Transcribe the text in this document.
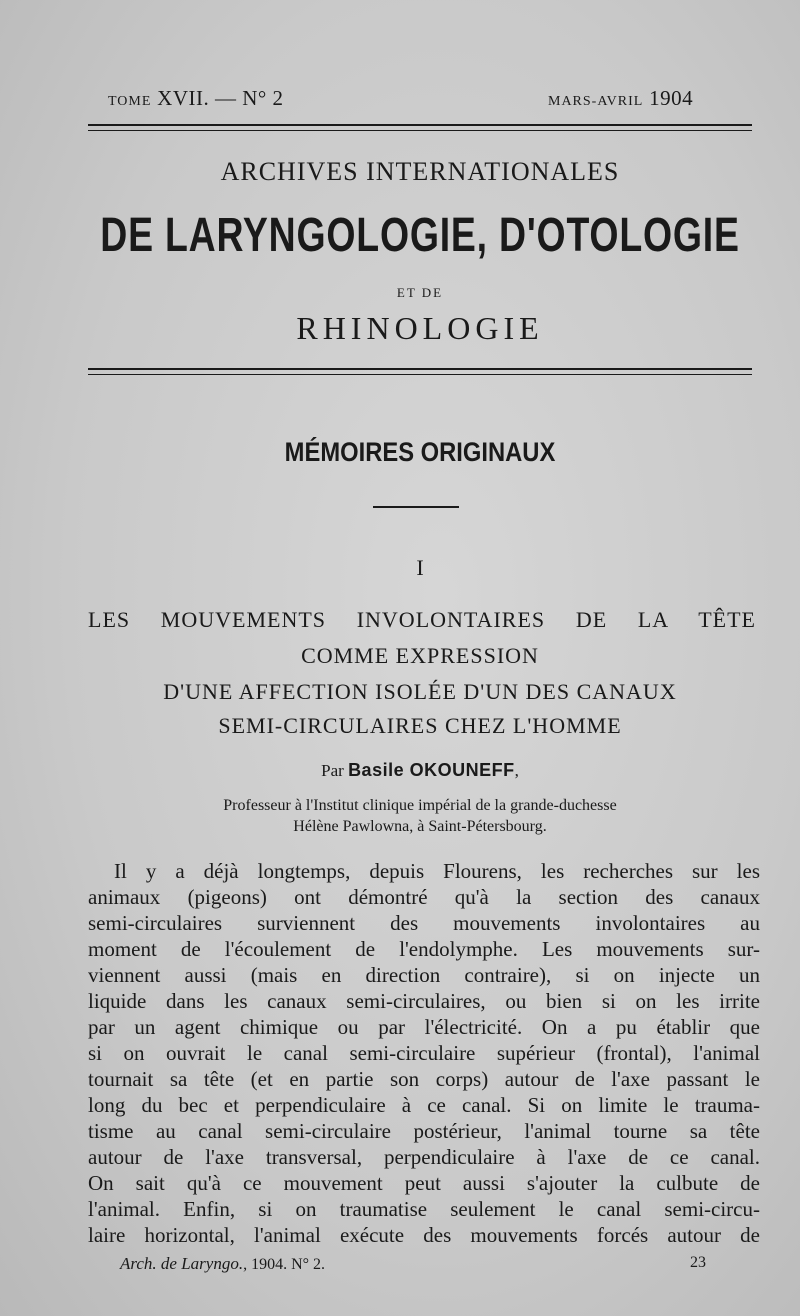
TOME XVII. — N° 2	MARS-AVRIL 1904
ARCHIVES INTERNATIONALES
DE LARYNGOLOGIE, D'OTOLOGIE
ET DE
RHINOLOGIE
MÉMOIRES ORIGINAUX
I
LES MOUVEMENTS INVOLONTAIRES DE LA TÊTE
COMME EXPRESSION
D'UNE AFFECTION ISOLÉE D'UN DES CANAUX
SEMI-CIRCULAIRES CHEZ L'HOMME
Par Basile OKOUNEFF,
Professeur à l'Institut clinique impérial de la grande-duchesse
Hélène Pawlowna, à Saint-Pétersbourg.
Il y a déjà longtemps, depuis Flourens, les recherches sur les
animaux (pigeons) ont démontré qu'à la section des canaux
semi-circulaires surviennent des mouvements involontaires au
moment de l'écoulement de l'endolymphe. Les mouvements sur-
viennent aussi (mais en direction contraire), si on injecte un
liquide dans les canaux semi-circulaires, ou bien si on les irrite
par un agent chimique ou par l'électricité. On a pu établir que
si on ouvrait le canal semi-circulaire supérieur (frontal), l'animal
tournait sa tête (et en partie son corps) autour de l'axe passant le
long du bec et perpendiculaire à ce canal. Si on limite le trauma-
tisme au canal semi-circulaire postérieur, l'animal tourne sa tête
autour de l'axe transversal, perpendiculaire à l'axe de ce canal.
On sait qu'à ce mouvement peut aussi s'ajouter la culbute de
l'animal. Enfin, si on traumatise seulement le canal semi-circu-
laire horizontal, l'animal exécute des mouvements forcés autour de
Arch. de Laryngo., 1904. N° 2.	23
